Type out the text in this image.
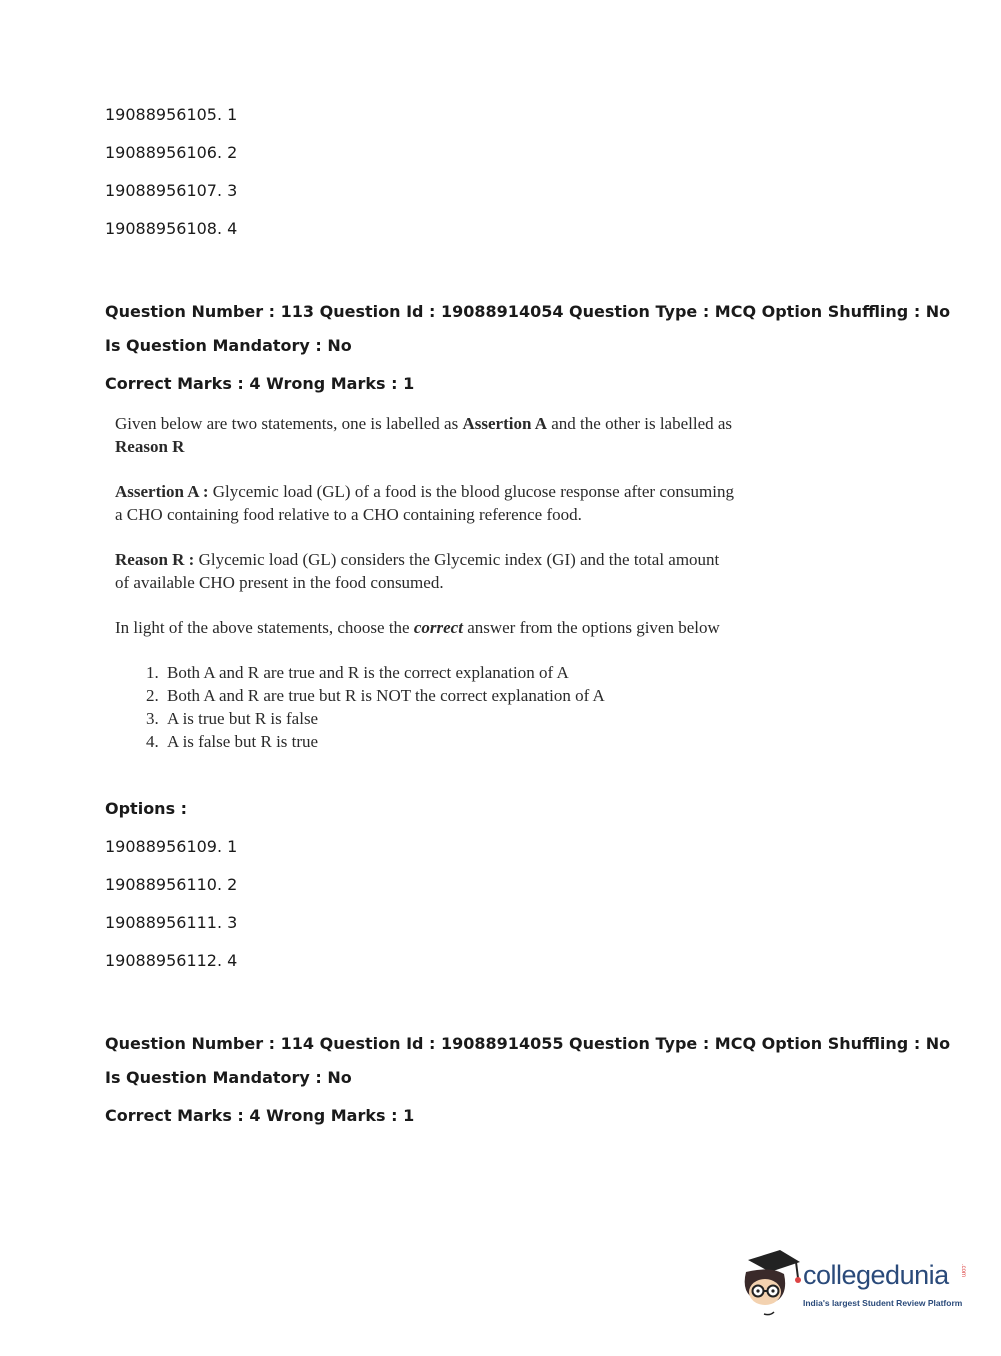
19088956105. 1
19088956106. 2
19088956107. 3
19088956108. 4
Question Number : 113 Question Id : 19088914054 Question Type : MCQ Option Shuffling : No
Is Question Mandatory : No
Correct Marks : 4 Wrong Marks : 1

Given below are two statements, one is labelled as Assertion A and the other is labelled as
Reason R

Assertion A : Glycemic load (GL) of a food is the blood glucose response after consuming a CHO containing food relative to a CHO containing reference food.

Reason R : Glycemic load (GL) considers the Glycemic index (GI) and the total amount of available CHO present in the food consumed.

In light of the above statements, choose the correct answer from the options given below

1. Both A and R are true and R is the correct explanation of A
2. Both A and R are true but R is NOT the correct explanation of A
3. A is true but R is false
4. A is false but R is true
Options :
19088956109. 1
19088956110. 2
19088956111. 3
19088956112. 4
Question Number : 114 Question Id : 19088914055 Question Type : MCQ Option Shuffling : No
Is Question Mandatory : No
Correct Marks : 4 Wrong Marks : 1
collegedunia .com
India's largest Student Review Platform
